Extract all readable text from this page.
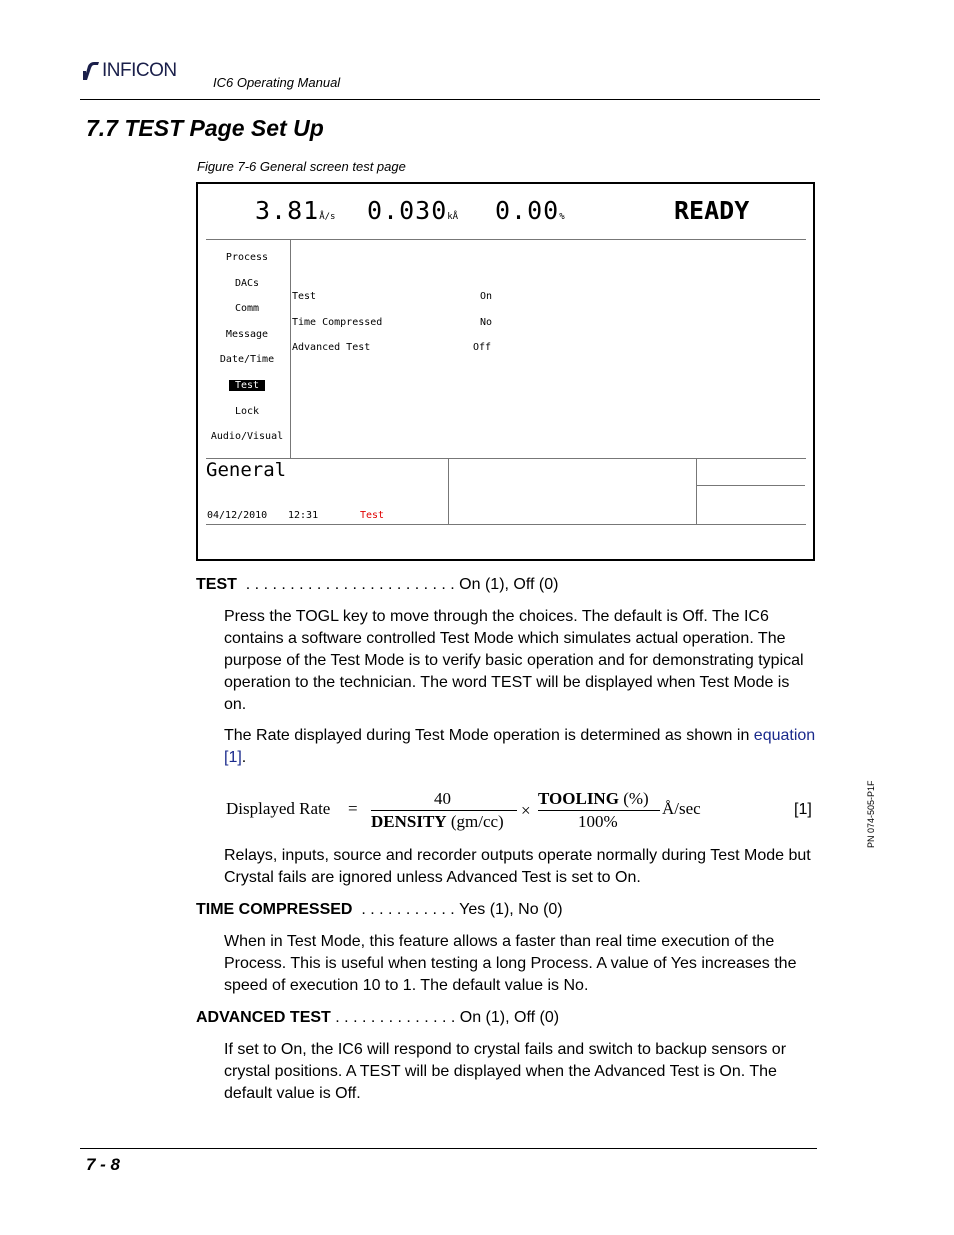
INFICON
IC6 Operating Manual
7.7 TEST Page Set Up
Figure 7-6 General screen test page
3.81Å/s 0.030kÅ 0.00%	READY
Process
DACs
Comm
Message
Date/Time
Test
Lock
Audio/Visual
Test	On
Time Compressed	No
Advanced Test	Off
General
04/12/2010 12:31	Test
TEST . . . . . . . . . . . . . . . . . . . . . . . . On (1), Off (0)
Press the TOGL key to move through the choices. The default is Off. The IC6 contains a software controlled Test Mode which simulates actual operation. The purpose of the Test Mode is to verify basic operation and for demonstrating typical operation to the technician. The word TEST will be displayed when Test Mode is on.
The Rate displayed during Test Mode operation is determined as shown in equation [1].
Displayed Rate =
40
DENSITY (gm/cc)
×
TOOLING (%)
100%
Å/sec	[1]
Relays, inputs, source and recorder outputs operate normally during Test Mode but Crystal fails are ignored unless Advanced Test is set to On.
TIME COMPRESSED . . . . . . . . . . . Yes (1), No (0)
When in Test Mode, this feature allows a faster than real time execution of the Process. This is useful when testing a long Process. A value of Yes increases the speed of execution 10 to 1. The default value is No.
ADVANCED TEST . . . . . . . . . . . . . . On (1), Off (0)
If set to On, the IC6 will respond to crystal fails and switch to backup sensors or crystal positions. A TEST will be displayed when the Advanced Test is On. The default value is Off.
PN 074-505-P1F
7 - 8
